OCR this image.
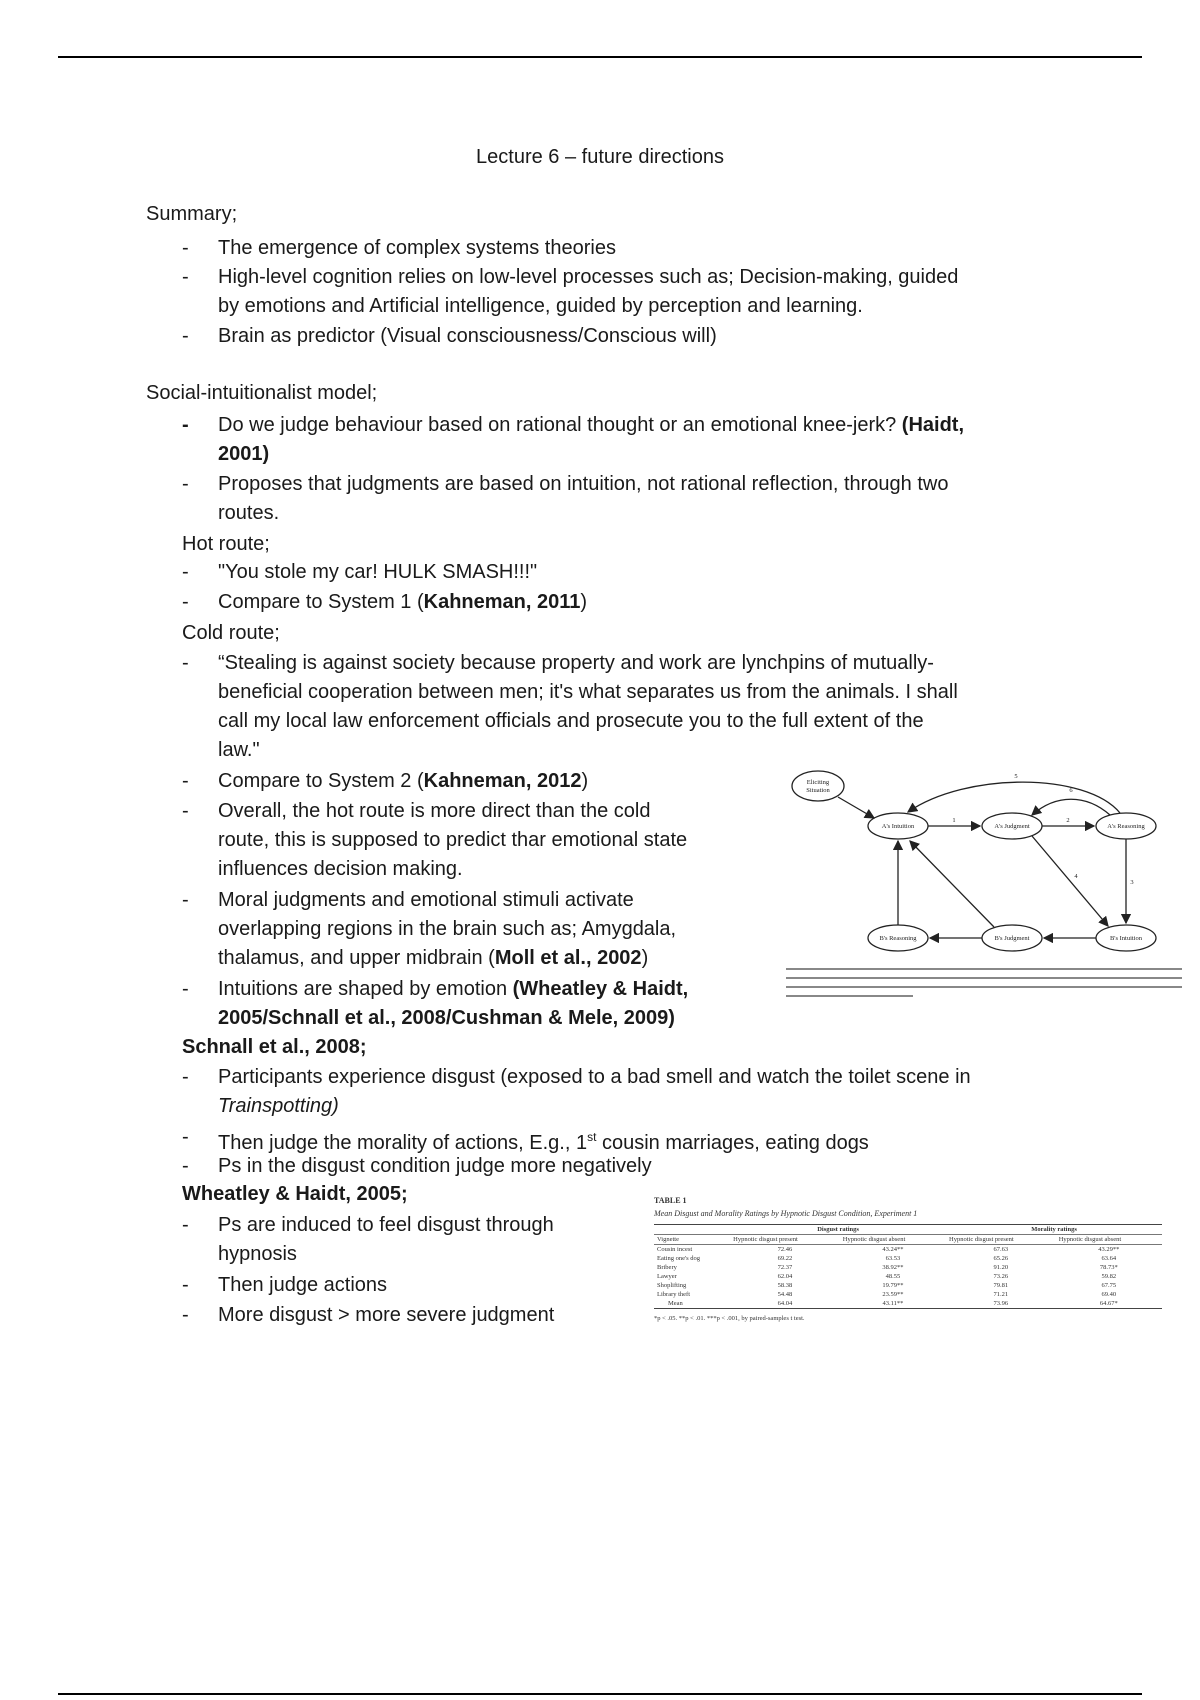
Lecture 6 – future directions
Summary;
- The emergence of complex systems theories
- High-level cognition relies on low-level processes such as; Decision-making, guided
by emotions and Artificial intelligence, guided by perception and learning.
- Brain as predictor (Visual consciousness/Conscious will)
Social-intuitionalist model;
- Do we judge behaviour based on rational thought or an emotional knee-jerk? (Haidt,
2001)
- Proposes that judgments are based on intuition, not rational reflection, through two
routes.
Hot route;
- "You stole my car! HULK SMASH!!!"
- Compare to System 1 (Kahneman, 2011)
Cold route;
- “Stealing is against society because property and work are lynchpins of mutually-
beneficial cooperation between men; it's what separates us from the animals. I shall
call my local law enforcement officials and prosecute you to the full extent of the
law."
- Compare to System 2 (Kahneman, 2012)
- Overall, the hot route is more direct than the cold
route, this is supposed to predict thar emotional state
influences decision making.
- Moral judgments and emotional stimuli activate
overlapping regions in the brain such as; Amygdala,
thalamus, and upper midbrain (Moll et al., 2002)
- Intuitions are shaped by emotion (Wheatley & Haidt,
2005/Schnall et al., 2008/Cushman & Mele, 2009)
Eliciting
Situation
A's Intuition	A's Judgment	A's Reasoning
B's Reasoning	B's Judgment	B's Intuition
1	2
3
4
5
6
Schnall et al., 2008;
- Participants experience disgust (exposed to a bad smell and watch the toilet scene in
Trainspotting)
- Then judge the morality of actions, E.g., 1st cousin marriages, eating dogs
- Ps in the disgust condition judge more negatively
Wheatley & Haidt, 2005;
- Ps are induced to feel disgust through
hypnosis
- Then judge actions
- More disgust > more severe judgment
TABLE 1
Mean Disgust and Morality Ratings by Hypnotic Disgust Condition, Experiment 1
	Disgust ratings		Morality ratings	
Vignette	Hypnotic disgust present	Hypnotic disgust absent	Hypnotic disgust present	Hypnotic disgust absent
Cousin incest	72.46	43.24**	67.63	43.29**
Eating one's dog	69.22	63.53	65.26	63.64
Bribery	72.37	38.92**	91.20	78.73*
Lawyer	62.04	48.55	73.26	59.82
Shoplifting	58.38	19.79**	79.81	67.75
Library theft	54.48	23.59**	71.21	69.40
Mean	64.04	43.11**	73.96	64.67*
*p < .05. **p < .01. ***p < .001, by paired-samples t test.
